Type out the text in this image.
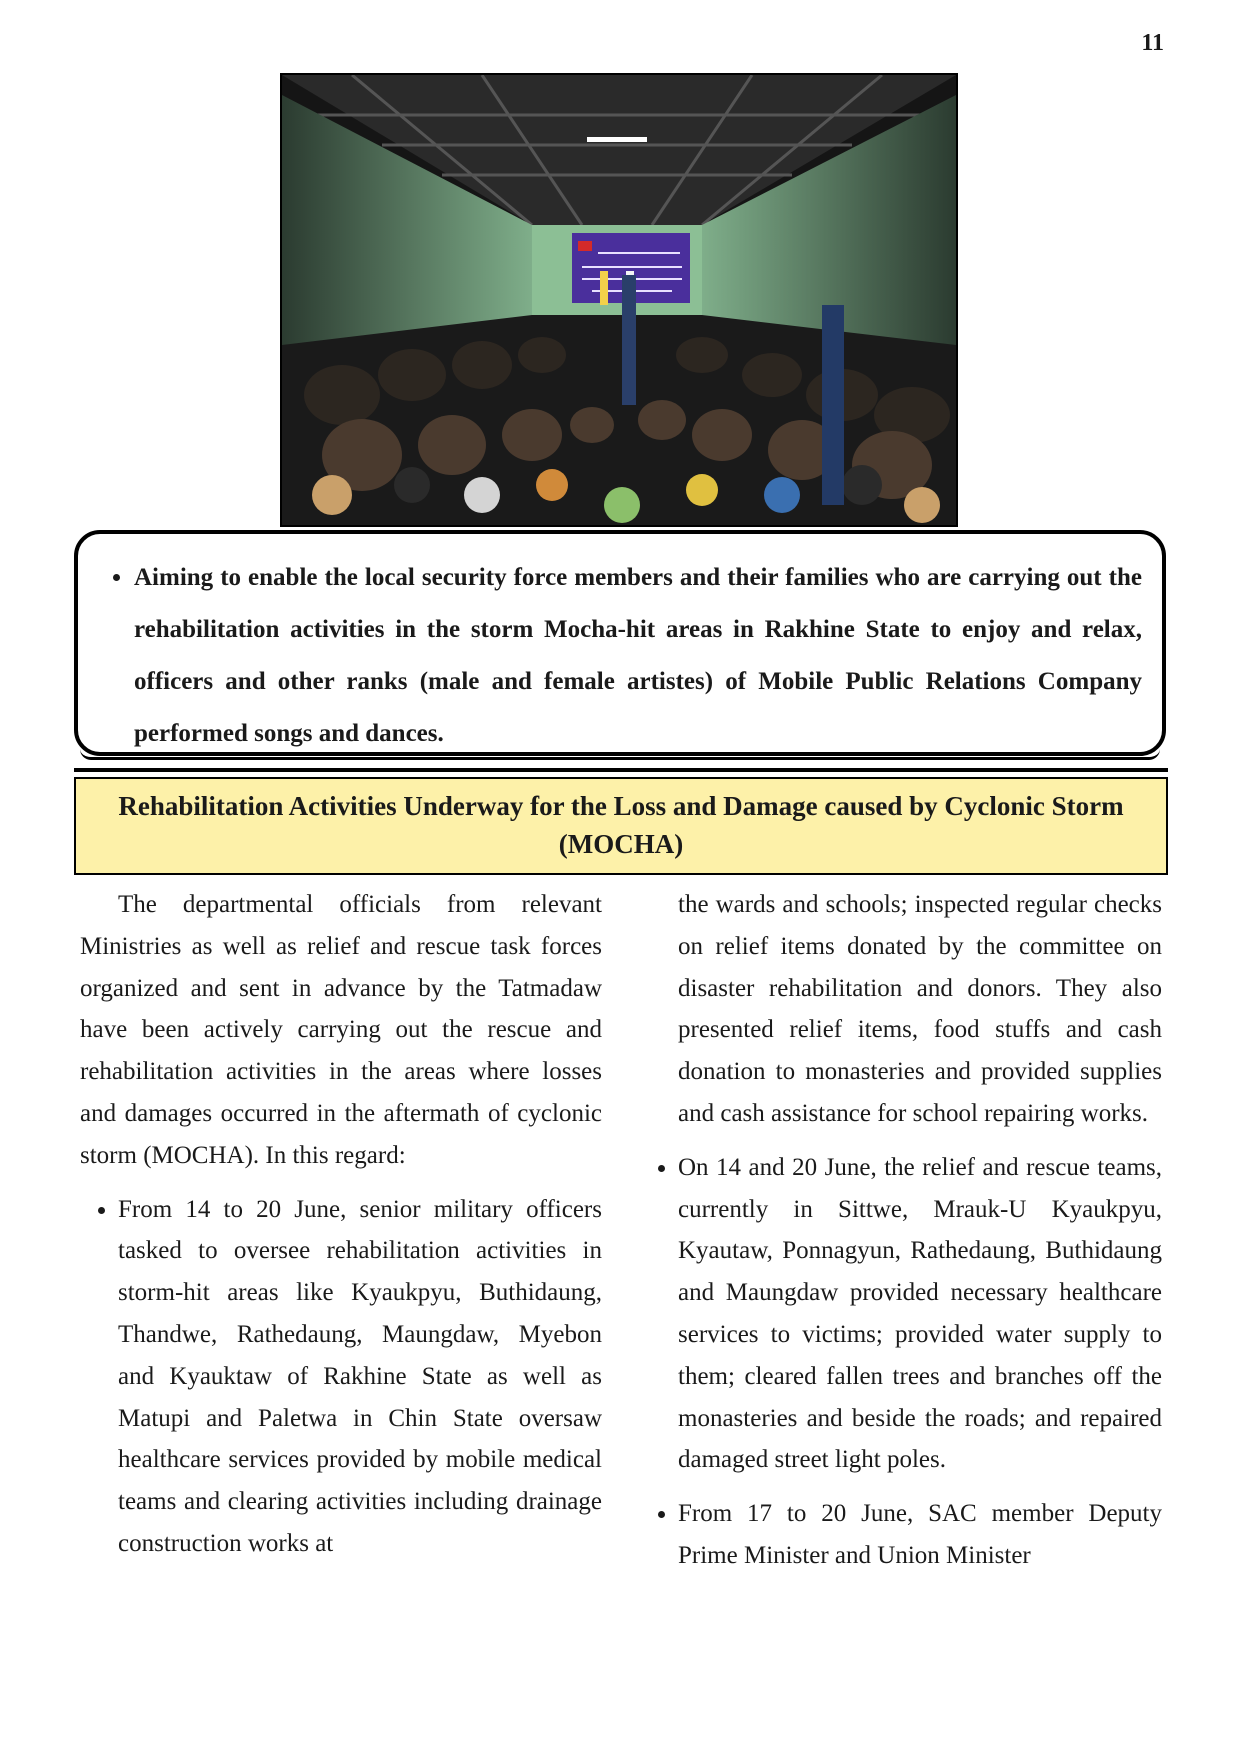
11
• Aiming to enable the local security force members and their families who are carrying out the rehabilitation activities in the storm Mocha-hit areas in Rakhine State to enjoy and relax, officers and other ranks (male and female artistes) of Mobile Public Relations Company performed songs and dances.
Rehabilitation Activities Underway for the Loss and Damage caused by Cyclonic Storm (MOCHA)

The departmental officials from relevant Ministries as well as relief and rescue task forces organized and sent in advance by the Tatmadaw have been actively carrying out the rescue and rehabilitation activities in the areas where losses and damages occurred in the aftermath of cyclonic storm (MOCHA). In this regard:

• From 14 to 20 June, senior military officers tasked to oversee rehabilitation activities in storm-hit areas like Kyaukpyu, Buthidaung, Thandwe, Rathedaung, Maungdaw, Myebon and Kyauktaw of Rakhine State as well as Matupi and Paletwa in Chin State oversaw healthcare services provided by mobile medical teams and clearing activities including drainage construction works at

the wards and schools; inspected regular checks on relief items donated by the committee on disaster rehabilitation and donors. They also presented relief items, food stuffs and cash donation to monasteries and provided supplies and cash assistance for school repairing works.

• On 14 and 20 June, the relief and rescue teams, currently in Sittwe, Mrauk-U Kyaukpyu, Kyautaw, Ponnagyun, Rathedaung, Buthidaung and Maungdaw provided necessary healthcare services to victims; provided water supply to them; cleared fallen trees and branches off the monasteries and beside the roads; and repaired damaged street light poles.
• From 17 to 20 June, SAC member Deputy Prime Minister and Union Minister
